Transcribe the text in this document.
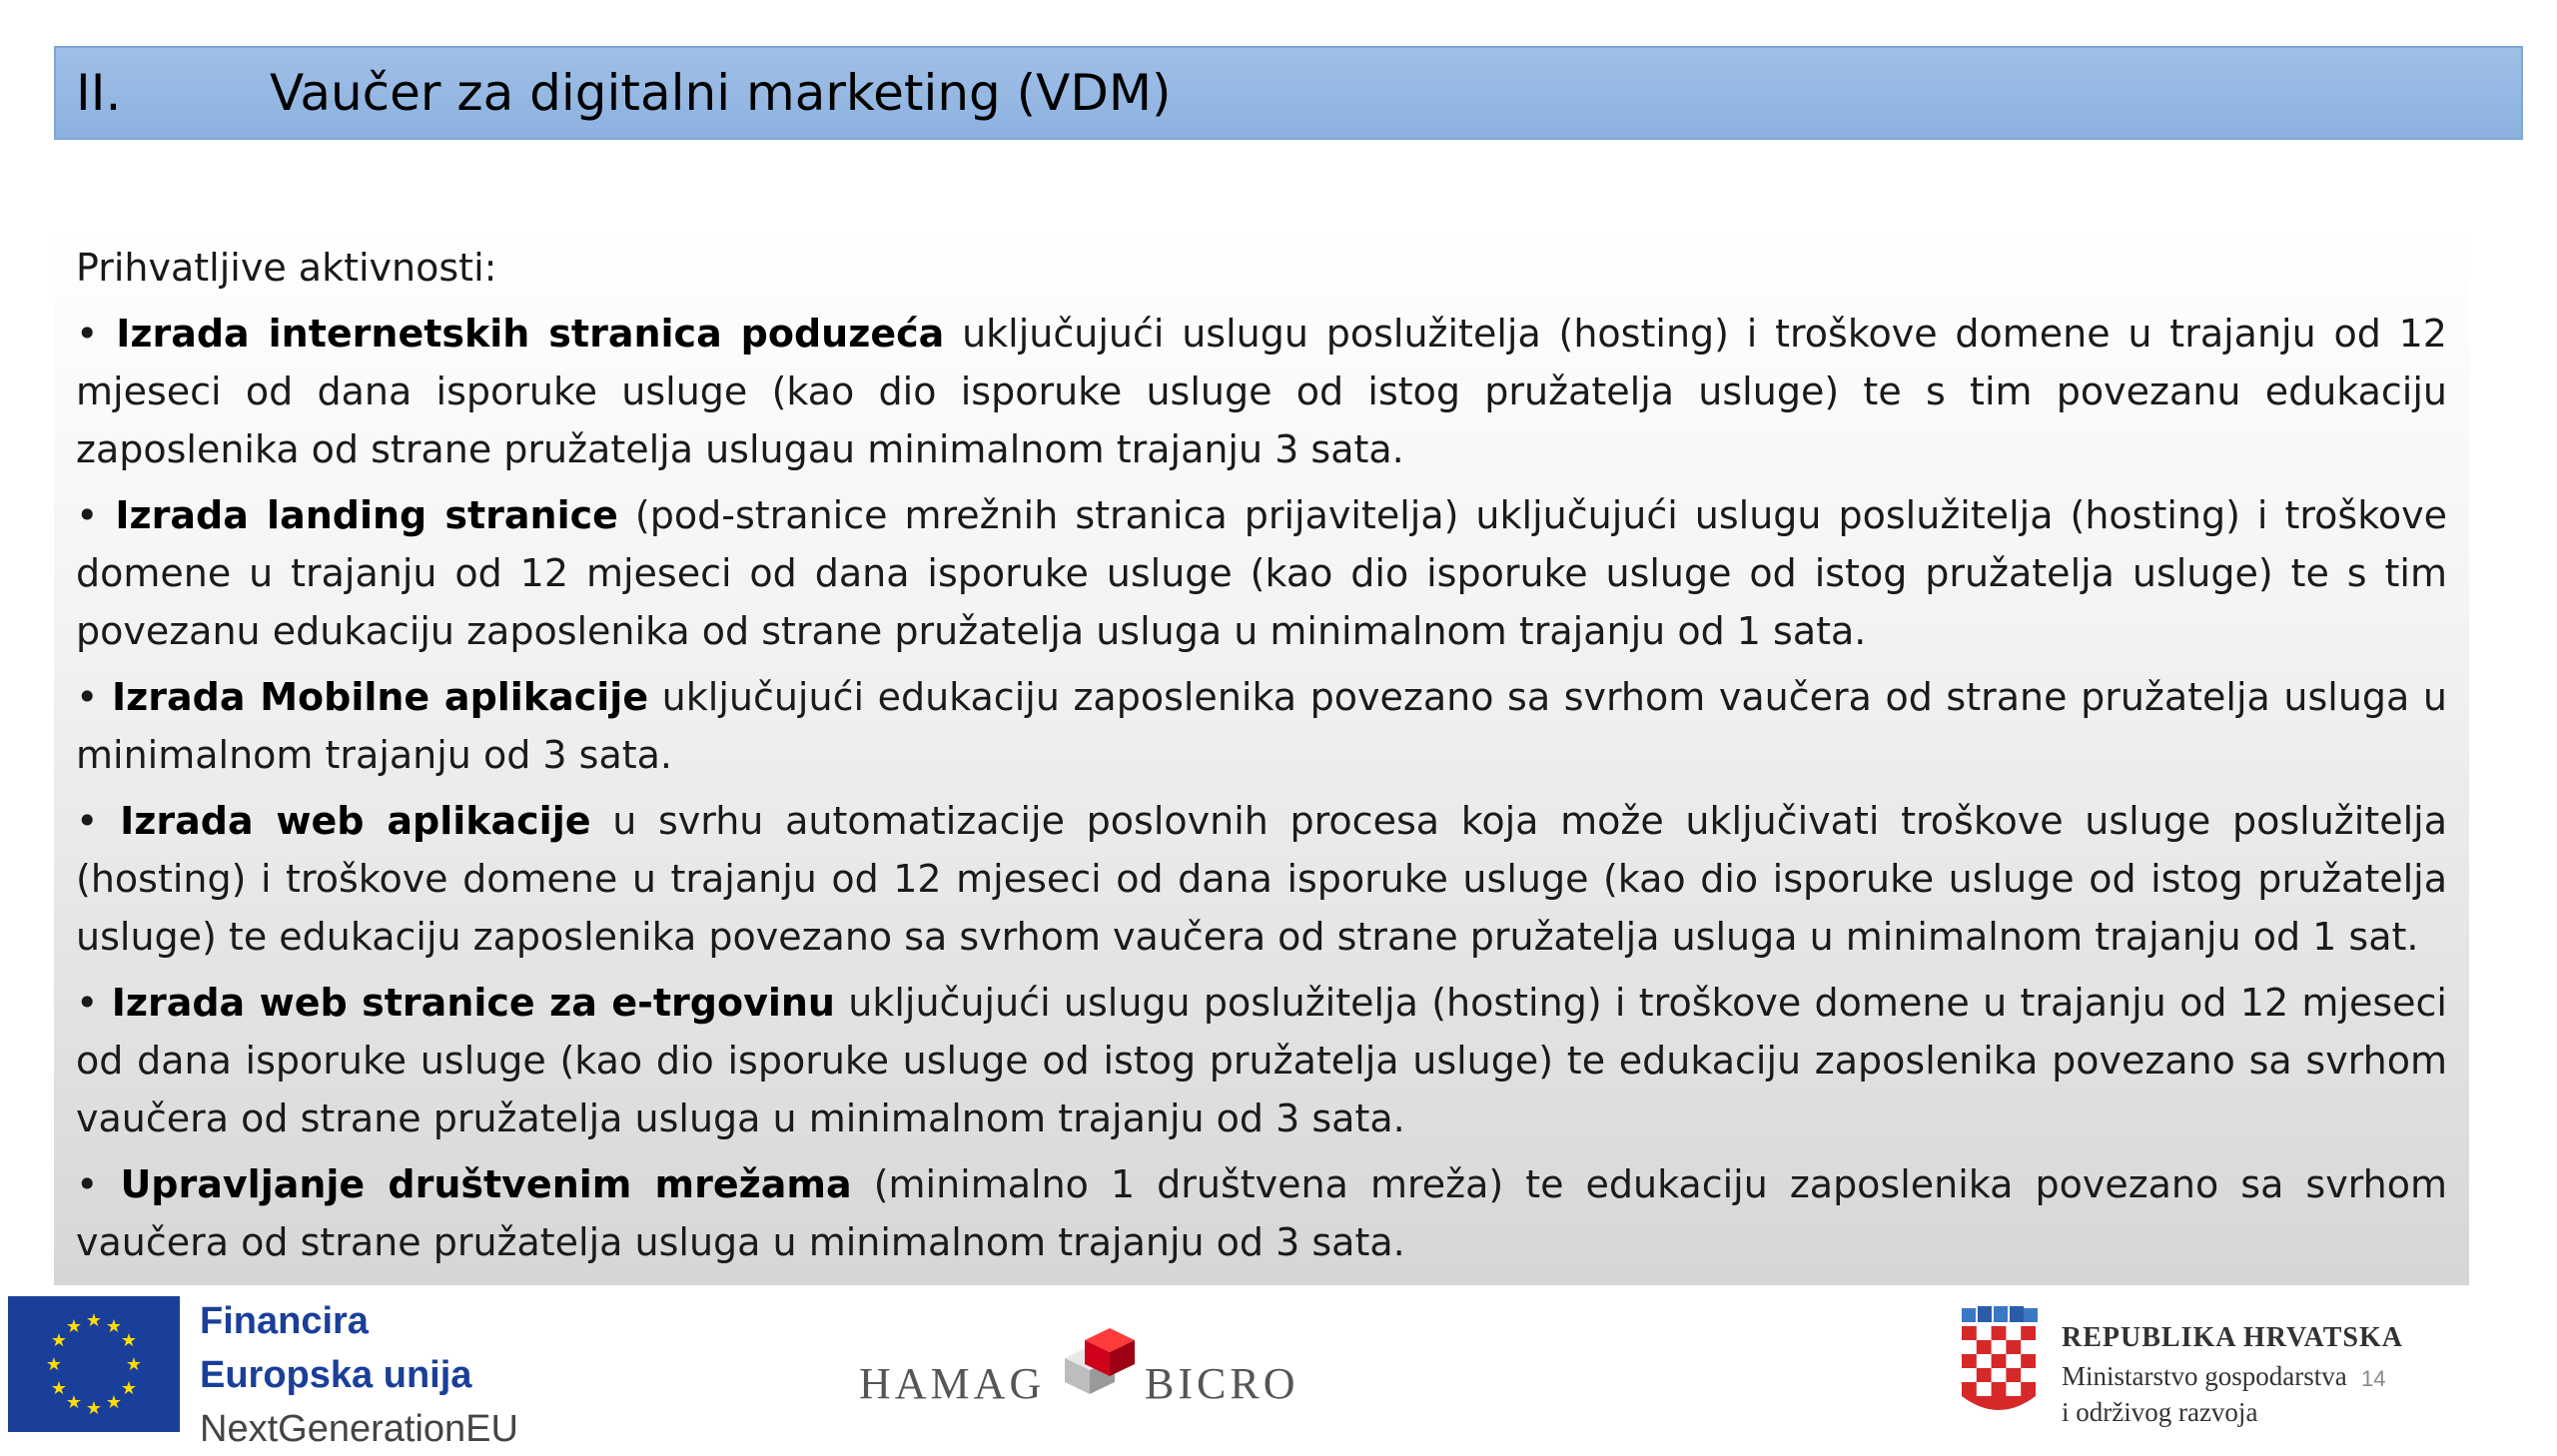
II.	Vaučer za digitalni marketing (VDM)

Prihvatljive aktivnosti:

• Izrada internetskih stranica poduzeća uključujući uslugu poslužitelja (hosting) i troškove domene u trajanju od 12 mjeseci od dana isporuke usluge (kao dio isporuke usluge od istog pružatelja usluge) te s tim povezanu edukaciju zaposlenika od strane pružatelja uslugau minimalnom trajanju 3 sata.

• Izrada landing stranice (pod-stranice mrežnih stranica prijavitelja) uključujući uslugu poslužitelja (hosting) i troškove domene u trajanju od 12 mjeseci od dana isporuke usluge (kao dio isporuke usluge od istog pružatelja usluge) te s tim povezanu edukaciju zaposlenika od strane pružatelja usluga u minimalnom trajanju od 1 sata.

• Izrada Mobilne aplikacije uključujući edukaciju zaposlenika povezano sa svrhom vaučera od strane pružatelja usluga u minimalnom trajanju od 3 sata.

• Izrada web aplikacije u svrhu automatizacije poslovnih procesa koja može uključivati troškove usluge poslužitelja (hosting) i troškove domene u trajanju od 12 mjeseci od dana isporuke usluge (kao dio isporuke usluge od istog pružatelja usluge) te edukaciju zaposlenika povezano sa svrhom vaučera od strane pružatelja usluga u minimalnom trajanju od 1 sat.

• Izrada web stranice za e-trgovinu uključujući uslugu poslužitelja (hosting) i troškove domene u trajanju od 12 mjeseci od dana isporuke usluge (kao dio isporuke usluge od istog pružatelja usluge) te edukaciju zaposlenika povezano sa svrhom vaučera od strane pružatelja usluga u minimalnom trajanju od 3 sata.

• Upravljanje društvenim mrežama (minimalno 1 društvena mreža) te edukaciju zaposlenika povezano sa svrhom vaučera od strane pružatelja usluga u minimalnom trajanju od 3 sata.

★ ★
★
★
★
★
★
★
★
★
★
★	Financira
Europska unija
NextGenerationEU
HAMAG BICRO
REPUBLIKA HRVATSKA
Ministarstvo gospodarstva
i održivog razvoja
14
